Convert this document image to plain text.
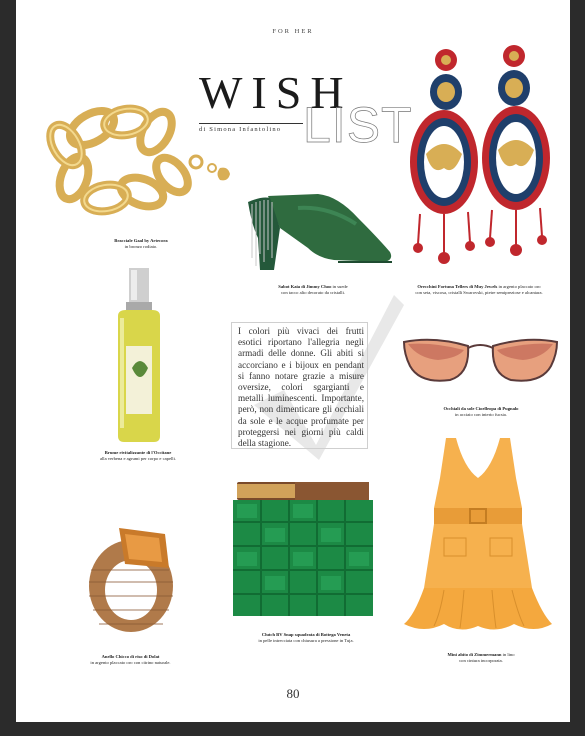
FOR HER
WISH
LIST
di Simona Infantolino
Bracciale Gaal by Artecora
in bronzo rodiato.
Sabot Kaia di Jimmy Choo in suede
con tacco alto decorato da cristalli.
Orecchini Fortuna Tellers di Muy Jewels in argento placcato oro
con seta, viscosa, cristalli Swarovski, pietre semipreziose e alcantara.
Brume rivitalizzante di l'Occitane
alla verbena e agrumi per corpo e capelli.
I colori più vivaci dei frutti esotici riportano l'allegria negli armadi delle donne. Gli abiti si accorciano e i bijoux en pendant si fanno notare grazie a misure oversize, colori sgargianti e metalli luminescenti. Importante, però, non dimenticare gli occhiali da sole e le acque profumate per proteggersi nei giorni più caldi della stagione.
Occhiali da sole Cioelleopa di Pugnalo
in acciaio con interio fucsia.
Anello Chicco di riso di Dolat
in argento placcato oro con citrino naturale.
Clutch BV Snap squadrata di Bottega Veneta
in pelle intrecciata con chiusura a pressione in Tuja.
Mini abito di Zimmermann in lino
con cintura incorporata.
80
